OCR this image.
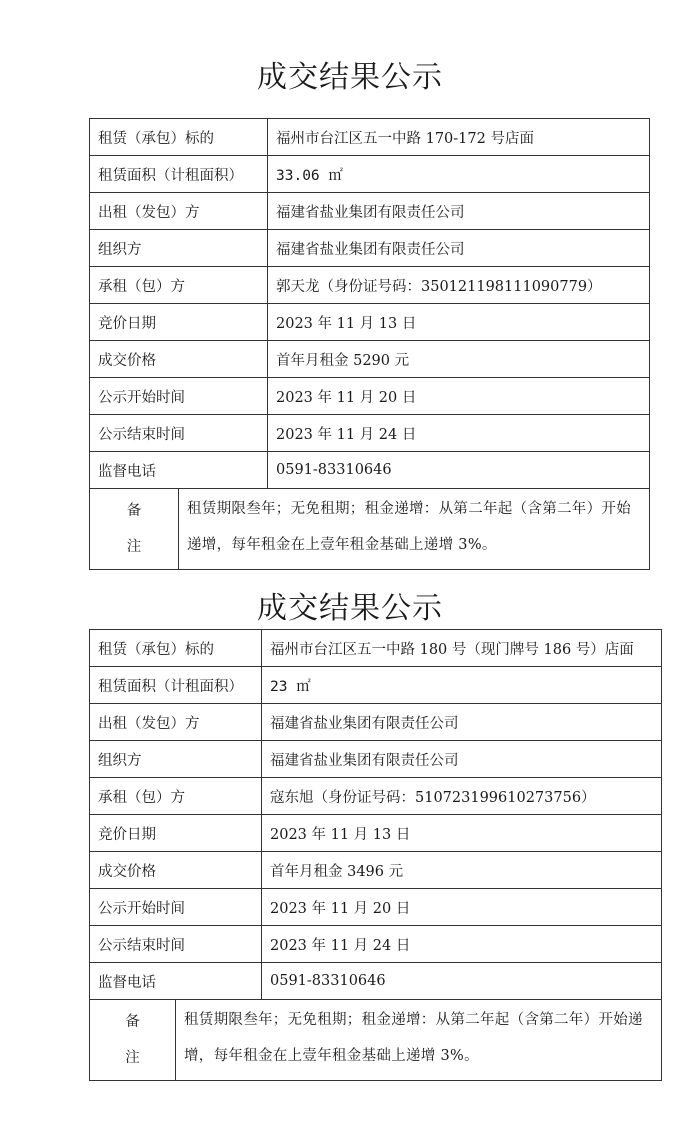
成交结果公示
租赁（承包）标的		福州市台江区五一中路 170-172 号店面
租赁面积（计租面积）		33.06 ㎡
出租（发包）方		福建省盐业集团有限责任公司
组织方		福建省盐业集团有限责任公司
承租（包）方		郭天龙（身份证号码：350121198111090779）
竞价日期		2023 年 11 月 13 日
成交价格		首年月租金 5290 元
公示开始时间		2023 年 11 月 20 日
公示结束时间		2023 年 11 月 24 日
监督电话		0591-83310646

备
注	租赁期限叁年；无免租期；租金递增：从第二年起（含第二年）开始递增，每年租金在上壹年租金基础上递增 3%。	
成交结果公示
租赁（承包）标的		福州市台江区五一中路 180 号（现门牌号 186 号）店面
租赁面积（计租面积）		23 ㎡
出租（发包）方		福建省盐业集团有限责任公司
组织方		福建省盐业集团有限责任公司
承租（包）方		寇东旭（身份证号码：510723199610273756）
竞价日期		2023 年 11 月 13 日
成交价格		首年月租金 3496 元
公示开始时间		2023 年 11 月 20 日
公示结束时间		2023 年 11 月 24 日
监督电话		0591-83310646

备
注	租赁期限叁年；无免租期；租金递增：从第二年起（含第二年）开始递增，每年租金在上壹年租金基础上递增 3%。	
